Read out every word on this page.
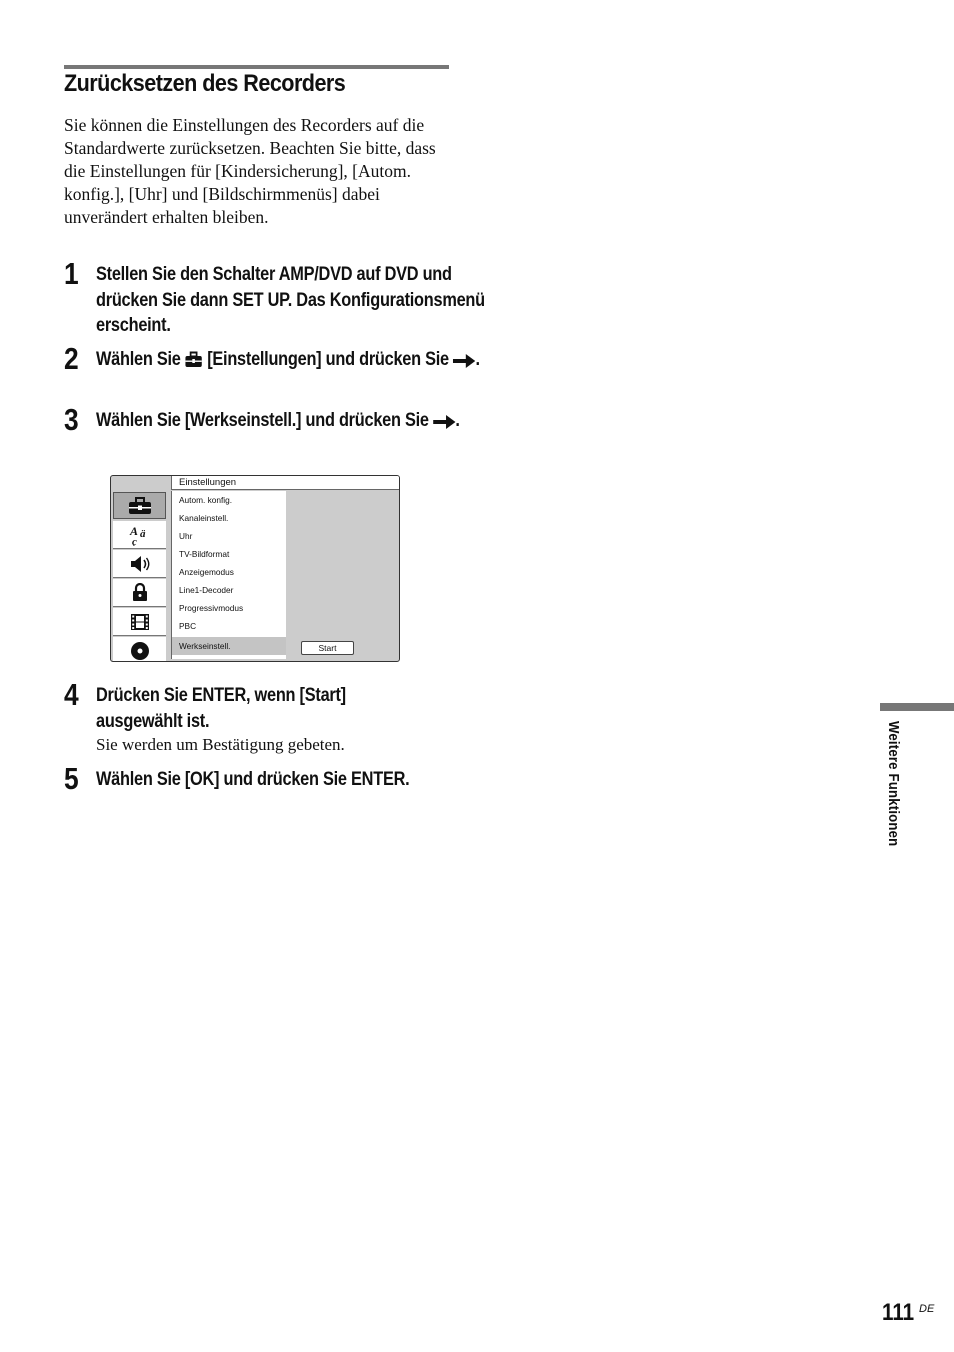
Zurücksetzen des Recorders

Sie können die Einstellungen des Recorders auf die Standardwerte zurücksetzen. Beachten Sie bitte, dass die Einstellungen für [Kindersicherung], [Autom. konfig.], [Uhr] und [Bildschirmmenüs] dabei unverändert erhalten bleiben.

1 Stellen Sie den Schalter AMP/DVD auf DVD und drücken Sie dann SET UP. Das Konfigurationsmenü erscheint.

2 Wählen Sie [Einstellungen] und drücken Sie .

3 Wählen Sie [Werkseinstell.] und drücken Sie .

Einstellungen
A ä
ç
Autom. konfig.
Kanaleinstell.
Uhr
TV-Bildformat
Anzeigemodus
Line1-Decoder
Progressivmodus
PBC
Werkseinstell.	Start
4 Drücken Sie ENTER, wenn [Start] ausgewählt ist.

Sie werden um Bestätigung gebeten.

5 Wählen Sie [OK] und drücken Sie ENTER.	Weitere Funktionen
111 DE
